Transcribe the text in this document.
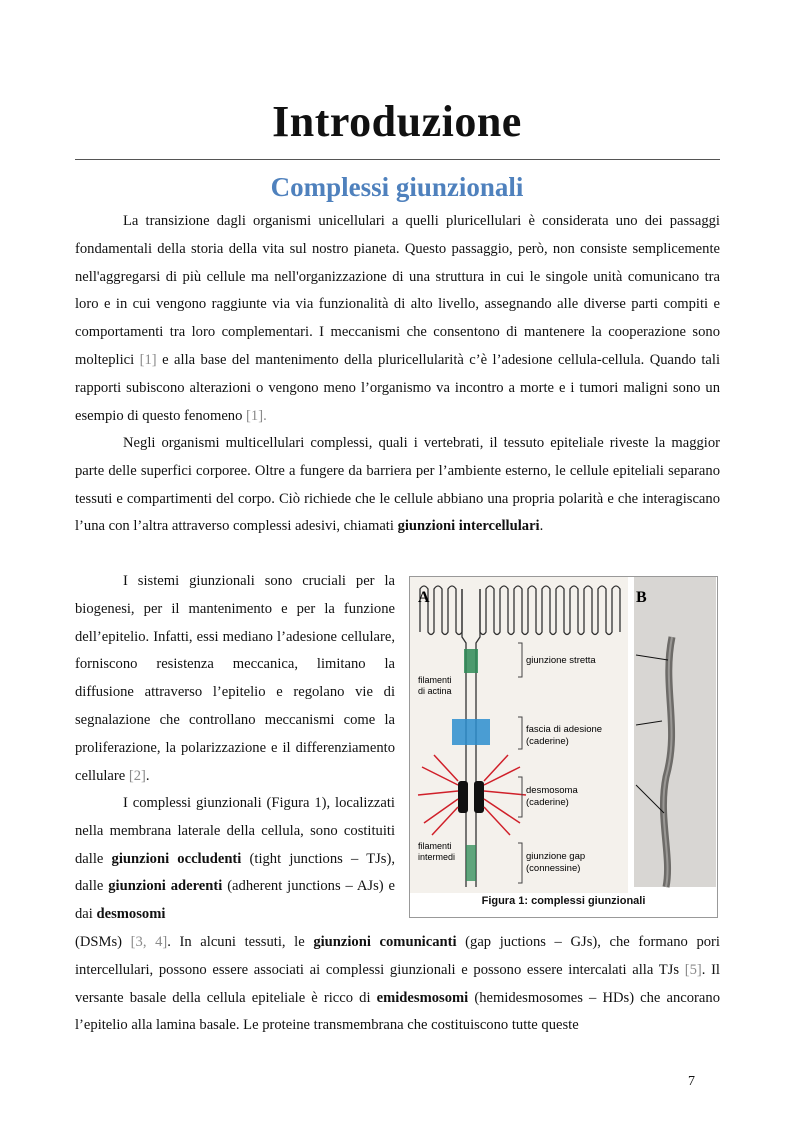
Introduzione
Complessi giunzionali

La transizione dagli organismi unicellulari a quelli pluricellulari è considerata uno dei passaggi fondamentali della storia della vita sul nostro pianeta. Questo passaggio, però, non consiste semplicemente nell'aggregarsi di più cellule ma nell'organizzazione di una struttura in cui le singole unità comunicano tra loro e in cui vengono raggiunte via via funzionalità di alto livello, assegnando alle diverse parti compiti e comportamenti tra loro complementari. I meccanismi che consentono di mantenere la cooperazione sono molteplici [1] e alla base del mantenimento della pluricellularità c’è l’adesione cellula-cellula. Quando tali rapporti subiscono alterazioni o vengono meno l’organismo va incontro a morte e i tumori maligni sono un esempio di questo fenomeno [1].

Negli organismi multicellulari complessi, quali i vertebrati, il tessuto epiteliale riveste la maggior parte delle superfici corporee. Oltre a fungere da barriera per l’ambiente esterno, le cellule epiteliali separano tessuti e compartimenti del corpo. Ciò richiede che le cellule abbiano una propria polarità e che interagiscano l’una con l’altra attraverso complessi adesivi, chiamati giunzioni intercellulari.

I sistemi giunzionali sono cruciali per la biogenesi, per il mantenimento e per la funzione dell’epitelio. Infatti, essi mediano l’adesione cellulare, forniscono resistenza meccanica, limitano la diffusione attraverso l’epitelio e regolano vie di segnalazione che controllano meccanismi come la proliferazione, la polarizzazione e il differenziamento cellulare [2].

I complessi giunzionali (Figura 1), localizzati nella membrana laterale della cellula, sono costituiti dalle giunzioni occludenti (tight junctions – TJs), dalle giunzioni aderenti (adherent junctions – AJs) e dai desmosomi

(DSMs) [3, 4]. In alcuni tessuti, le giunzioni comunicanti (gap juctions – GJs), che formano pori intercellulari, possono essere associati ai complessi giunzionali e possono essere intercalati alla TJs [5]. Il versante basale della cellula epiteliale è ricco di emidesmosomi (hemidesmosomes – HDs) che ancorano l’epitelio alla lamina basale. Le proteine transmembrana che costituiscono tutte queste

A	B
filamenti
di actina
filamenti
intermedi
giunzione stretta
fascia di adesione
(caderine)
desmosoma
(caderine)
giunzione gap
(connessine)
Figura 1: complessi giunzionali

7
